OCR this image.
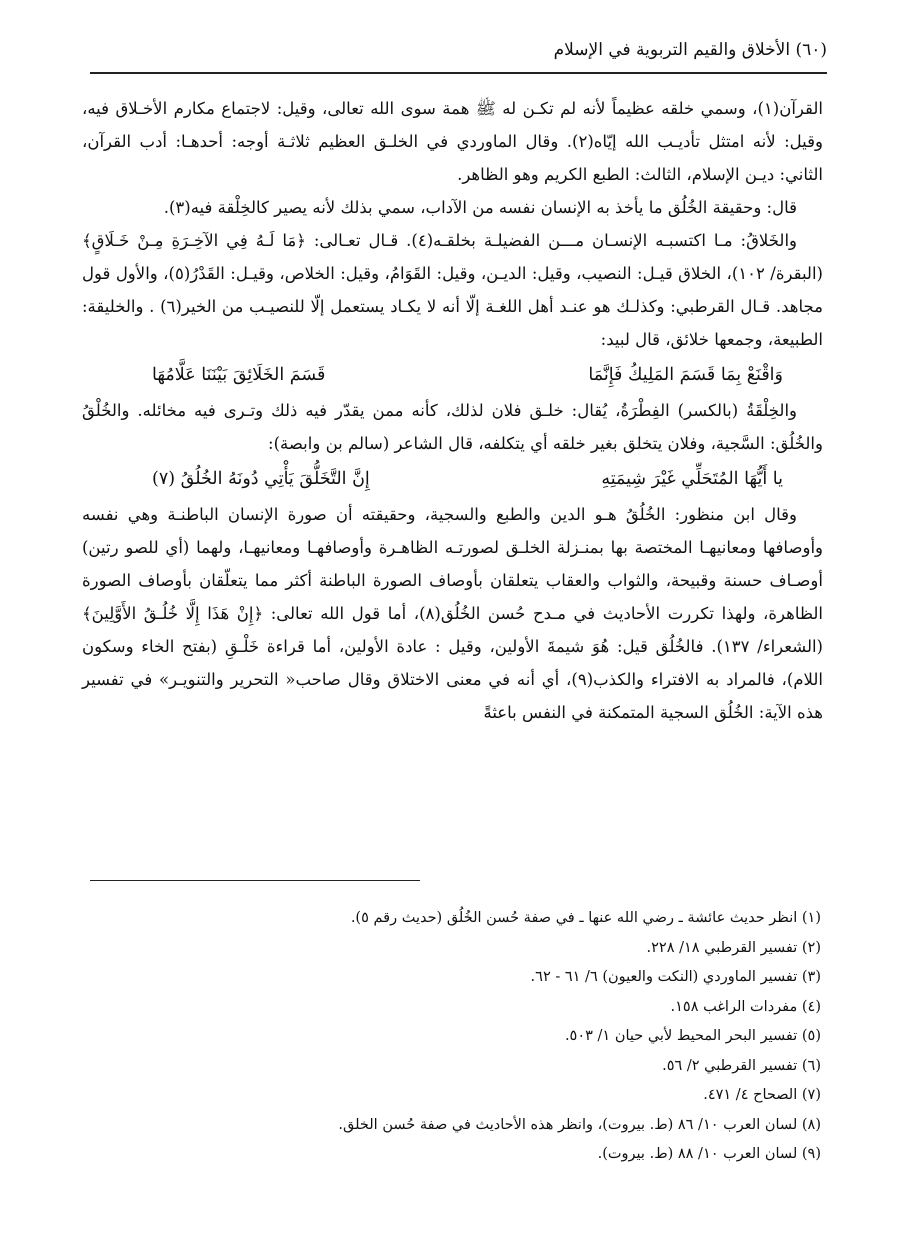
(٦٠) الأخلاق والقيم التربوية في الإسلام

القرآن(١)، وسمي خلقه عظيماً لأنه لم تكـن له ﷺ همة سوى الله تعالى، وقيل: لاجتماع مكارم الأخـلاق فيه، وقيل: لأنه امتثل تأديـب الله إيّاه(٢). وقال الماوردي في الخلـق العظيم ثلاثـة أوجه: أحدهـا: أدب القرآن، الثاني: ديـن الإسلام، الثالث: الطبع الكريم وهو الظاهر.

قال: وحقيقة الخُلُق ما يأخذ به الإنسان نفسه من الآداب، سمي بذلك لأنه يصير كالخِلْقة فيه(٣).

والخَلاقُ: مـا اكتسبـه الإنسـان مـــن الفضيلـة بخلقـه(٤). قـال تعـالى: ﴿مَا لَـهُ فِي الآخِـرَةِ مِـنْ خَـلَاقٍ﴾ (البقرة/ ١٠٢)، الخلاق قيـل: النصيب، وقيل: الديـن، وقيل: القَوَامُ، وقيل: الخلاص، وقيـل: القَدْرُ(٥)، والأول قول مجاهد. قـال القرطبي: وكذلـك هو عنـد أهل اللغـة إلّا أنه لا يكـاد يستعمل إلّا للنصيـب من الخير(٦) . والخليقة: الطبيعة، وجمعها خلائق، قال لبيد:

وَاقْنَعْ بِمَا قَسَمَ المَلِيكُ فَإِنَّمَا
قَسَمَ الخَلَائِقَ بَيْنَنَا عَلَّامُهَا

والخِلْقَةُ (بالكسر) الفِطْرَةُ، يُقال: خلـق فلان لذلك، كأنه ممن يقدّر فيه ذلك وتـرى فيه مخائله. والخُلْقُ والخُلُق: السَّجية، وفلان يتخلق بغير خلقه أي يتكلفه، قال الشاعر (سالم بن وابصة):

يا أَيُّهَا المُتَحَلِّي غَيْرَ شِيمَتِهِ
إِنَّ التَّخَلُّقَ يَأْتِي دُونَهُ الخُلُقُ (٧)

وقال ابن منظور: الخُلُقُ هـو الدين والطبع والسجية، وحقيقته أن صورة الإنسان الباطنـة وهي نفسه وأوصافها ومعانيهـا المختصة بها بمنـزلة الخلـق لصورتـه الظاهـرة وأوصافهـا ومعانيهـا، ولهما (أي للصو رتين) أوصـاف حسنة وقبيحة، والثواب والعقاب يتعلقان بأوصاف الصورة الباطنة أكثر مما يتعلّقان بأوصاف الصورة الظاهرة، ولهذا تكررت الأحاديث في مـدح حُسن الخُلُق(٨)، أما قول الله تعالى: ﴿إِنْ هَذَا إِلَّا خُلُـقُ الأَوَّلِينَ﴾ (الشعراء/ ١٣٧). فالخُلُق قيل: هُوَ شيمةَ الأولين، وقيل : عادة الأولين، أما قراءة خَلْـقِ (بفتح الخاء وسكون اللام)، فالمراد به الافتراء والكذب(٩)، أي أنه في معنى الاختلاق وقال صاحب« التحرير والتنويـر» في تفسير هذه الآية: الخُلُق السجية المتمكنة في النفس باعثةً

(١) انظر حديث عائشة ـ رضي الله عنها ـ في صفة حُسن الخُلُق (حديث رقم ٥).

(٢) تفسير القرطبي ١٨/ ٢٢٨.

(٣) تفسير الماوردي (النكت والعيون) ٦/ ٦١ - ٦٢.

(٤) مفردات الراغب ١٥٨.

(٥) تفسير البحر المحيط لأبي حيان ١/ ٥٠٣.

(٦) تفسير القرطبي ٢/ ٥٦.

(٧) الصحاح ٤/ ٤٧١.

(٨) لسان العرب ١٠/ ٨٦ (ط. بيروت)، وانظر هذه الأحاديث في صفة حُسن الخلق.

(٩) لسان العرب ١٠/ ٨٨ (ط. بيروت).
